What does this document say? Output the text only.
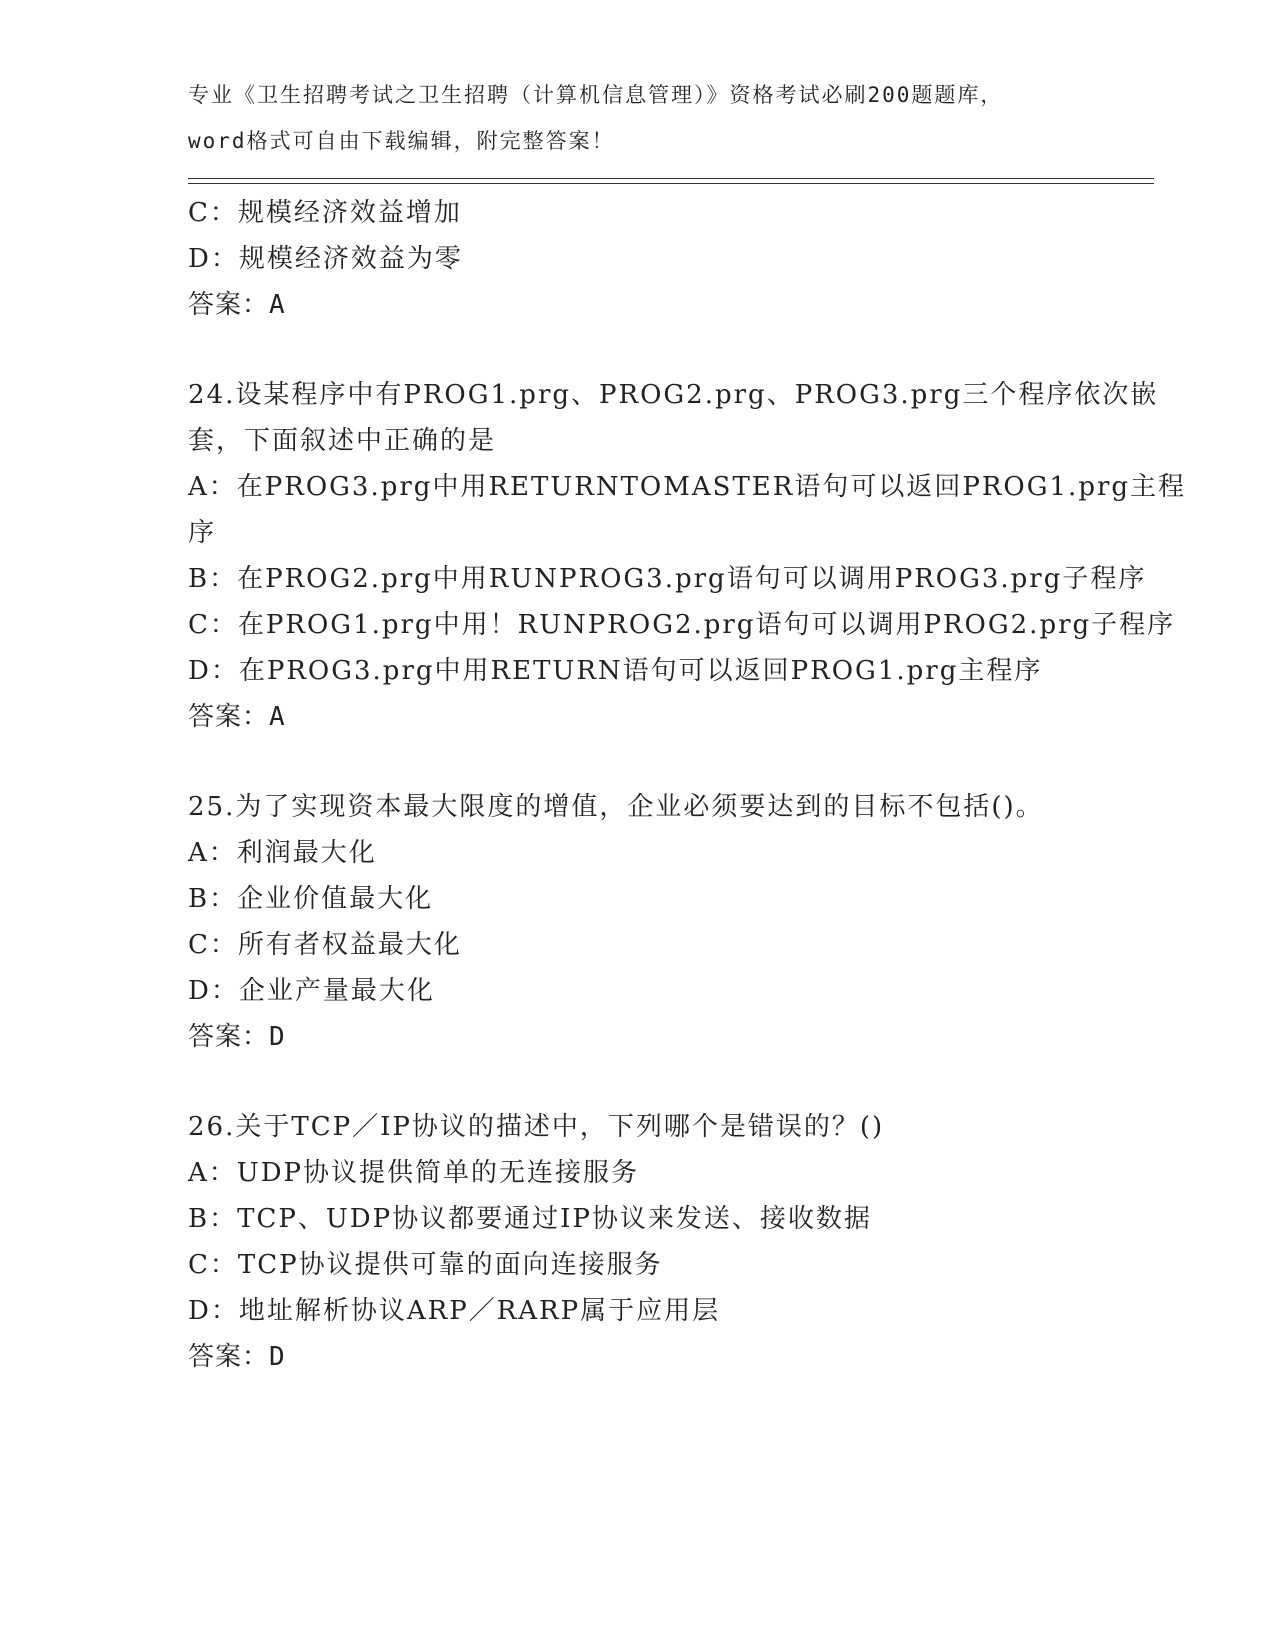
专业《卫生招聘考试之卫生招聘（计算机信息管理）》资格考试必刷200题题库，
word格式可自由下载编辑，附完整答案！
C：规模经济效益增加
D：规模经济效益为零
答案：A
24.设某程序中有PROG1.prg、PROG2.prg、PROG3.prg三个程序依次嵌
套，下面叙述中正确的是
A：在PROG3.prg中用RETURNTOMASTER语句可以返回PROG1.prg主程
序
B：在PROG2.prg中用RUNPROG3.prg语句可以调用PROG3.prg子程序
C：在PROG1.prg中用！RUNPROG2.prg语句可以调用PROG2.prg子程序
D：在PROG3.prg中用RETURN语句可以返回PROG1.prg主程序
答案：A
25.为了实现资本最大限度的增值，企业必须要达到的目标不包括()。
A：利润最大化
B：企业价值最大化
C：所有者权益最大化
D：企业产量最大化
答案：D
26.关于TCP／IP协议的描述中，下列哪个是错误的？()
A：UDP协议提供简单的无连接服务
B：TCP、UDP协议都要通过IP协议来发送、接收数据
C：TCP协议提供可靠的面向连接服务
D：地址解析协议ARP／RARP属于应用层
答案：D
